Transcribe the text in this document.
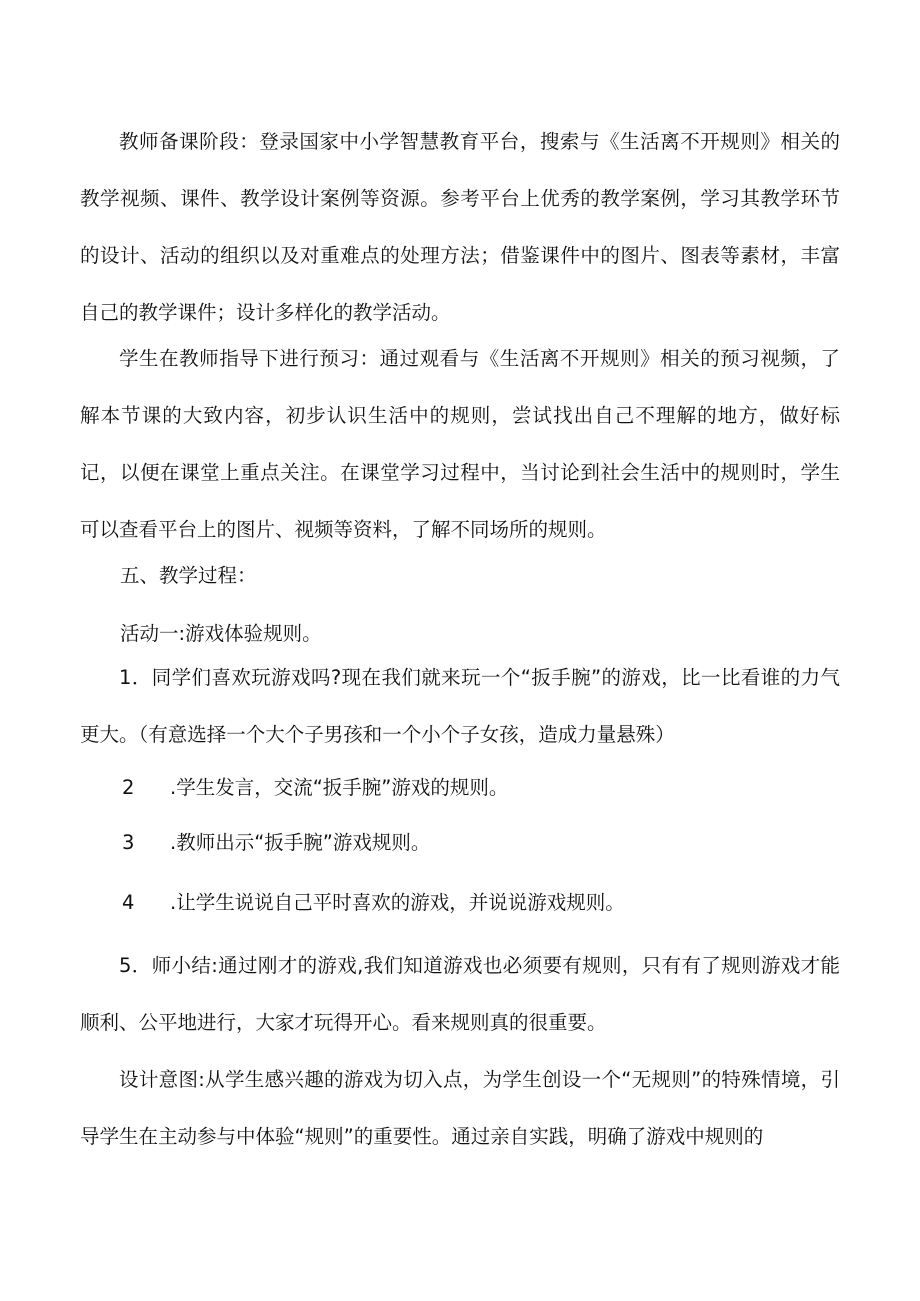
教师备课阶段：登录国家中小学智慧教育平台，搜索与《生活离不开规则》相关的教学视频、课件、教学设计案例等资源。参考平台上优秀的教学案例，学习其教学环节的设计、活动的组织以及对重难点的处理方法；借鉴课件中的图片、图表等素材，丰富自己的教学课件；设计多样化的教学活动。

学生在教师指导下进行预习：通过观看与《生活离不开规则》相关的预习视频，了解本节课的大致内容，初步认识生活中的规则，尝试找出自己不理解的地方，做好标记，以便在课堂上重点关注。在课堂学习过程中，当讨论到社会生活中的规则时，学生可以查看平台上的图片、视频等资料，了解不同场所的规则。

五、教学过程：

活动一:游戏体验规则。

1．同学们喜欢玩游戏吗?现在我们就来玩一个“扳手腕”的游戏，比一比看谁的力气更大。（有意选择一个大个子男孩和一个小个子女孩，造成力量悬殊）

2 .学生发言，交流“扳手腕”游戏的规则。

3 .教师出示“扳手腕”游戏规则。

4 .让学生说说自己平时喜欢的游戏，并说说游戏规则。

5．师小结:通过刚才的游戏,我们知道游戏也必须要有规则，只有有了规则游戏才能顺利、公平地进行，大家才玩得开心。看来规则真的很重要。

设计意图:从学生感兴趣的游戏为切入点，为学生创设一个“无规则”的特殊情境，引导学生在主动参与中体验“规则”的重要性。通过亲自实践，明确了游戏中规则的
